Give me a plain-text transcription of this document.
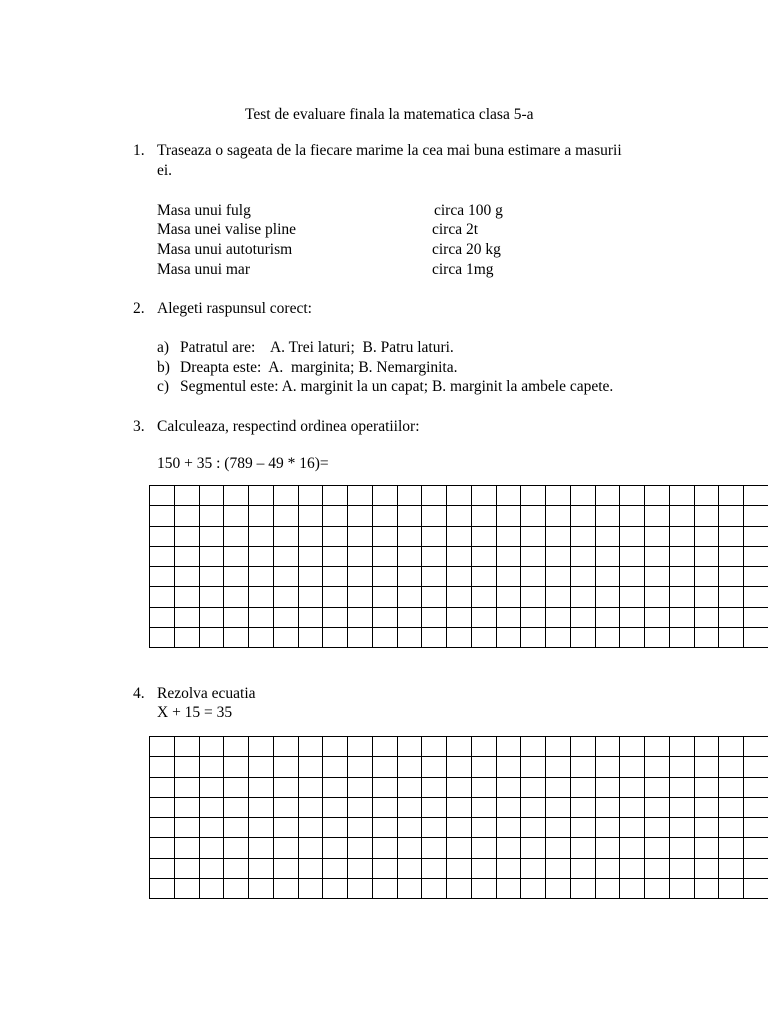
Test de evaluare finala la matematica clasa 5-a
1. Traseaza o sageata de la fiecare marime la cea mai buna estimare a masurii
ei.
Masa unui fulg	circa 100 g
Masa unei valise pline	circa 2t
Masa unui autoturism	circa 20 kg
Masa unui mar	circa 1mg
2. Alegeti raspunsul corect:
a) Patratul are:    A. Trei laturi;  B. Patru laturi.
b) Dreapta este:  A.  marginita; B. Nemarginita.
c) Segmentul este: A. marginit la un capat; B. marginit la ambele capete.
3. Calculeaza, respectind ordinea operatiilor:
150 + 35 : (789 – 49 * 16)=
4. Rezolva ecuatia
X + 15 = 35
